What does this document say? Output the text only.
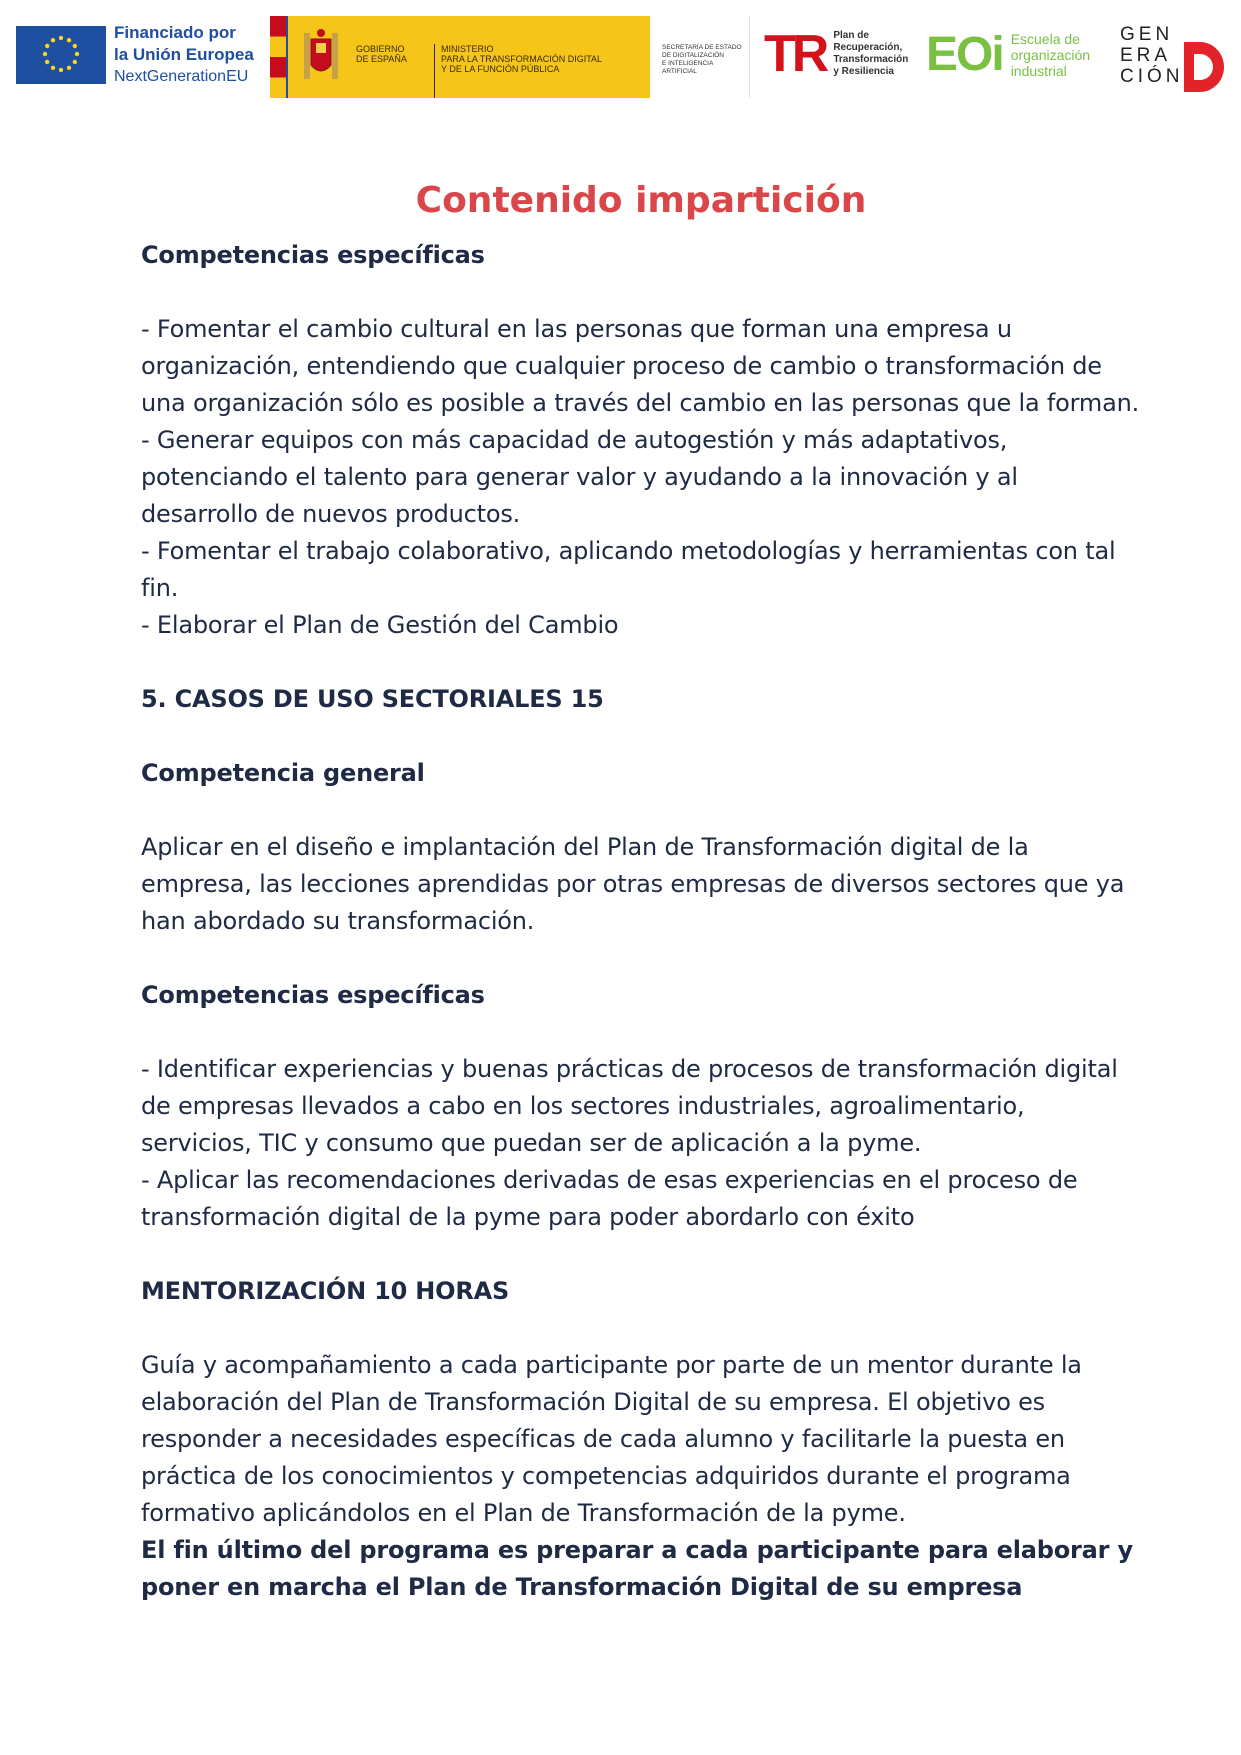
Financiado por
la Unión Europea
NextGenerationEU
GOBIERNO
DE ESPAÑA
MINISTERIO
PARA LA TRANSFORMACIÓN DIGITAL
Y DE LA FUNCIÓN PÚBLICA
SECRETARÍA DE ESTADO
DE DIGITALIZACIÓN
E INTELIGENCIA ARTIFICIAL	TR Plan de
Recuperación,
Transformación
y Resiliencia EOi Escuela de
organización
industrial
GEN
ERA
CIÓN
Contenido impartición

Competencias específicas

- Fomentar el cambio cultural en las personas que forman una empresa u organización, entendiendo que cualquier proceso de cambio o transformación de una organización sólo es posible a través del cambio en las personas que la forman.

- Generar equipos con más capacidad de autogestión y más adaptativos, potenciando el talento para generar valor y ayudando a la innovación y al desarrollo de nuevos productos.

- Fomentar el trabajo colaborativo, aplicando metodologías y herramientas con tal fin.

- Elaborar el Plan de Gestión del Cambio

5. CASOS DE USO SECTORIALES 15

Competencia general

Aplicar en el diseño e implantación del Plan de Transformación digital de la empresa, las lecciones aprendidas por otras empresas de diversos sectores que ya han abordado su transformación.

Competencias específicas

- Identificar experiencias y buenas prácticas de procesos de transformación digital de empresas llevados a cabo en los sectores industriales, agroalimentario, servicios, TIC y consumo que puedan ser de aplicación a la pyme.

- Aplicar las recomendaciones derivadas de esas experiencias en el proceso de transformación digital de la pyme para poder abordarlo con éxito

MENTORIZACIÓN 10 HORAS

Guía y acompañamiento a cada participante por parte de un mentor durante la elaboración del Plan de Transformación Digital de su empresa. El objetivo es responder a necesidades específicas de cada alumno y facilitarle la puesta en práctica de los conocimientos y competencias adquiridos durante el programa formativo aplicándolos en el Plan de Transformación de la pyme.

El fin último del programa es preparar a cada participante para elaborar y poner en marcha el Plan de Transformación Digital de su empresa
